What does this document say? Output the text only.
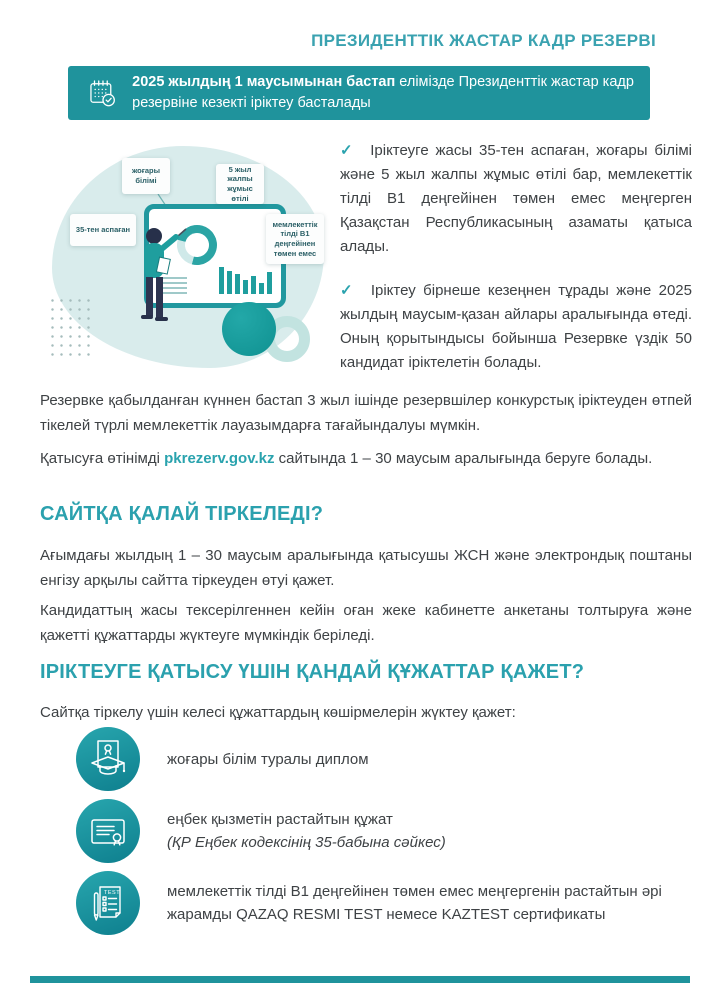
ПРЕЗИДЕНТТІК ЖАСТАР КАДР РЕЗЕРВІ
2025 жылдың 1 маусымынан бастап елімізде Президенттік жастар кадр резервіне кезекті іріктеу басталады
жоғары білімі
5 жыл жалпы жұмыс өтілі
35-тен аспаған
мемлекеттік тілді В1 деңгейінен төмен емес

✓ Іріктеуге жасы 35-тен аспаған, жоғары білімі және 5 жыл жалпы жұмыс өтілі бар, мемлекеттік тілді В1 деңгейінен төмен емес меңгерген Қазақстан Республикасының азаматы қатыса алады.

✓ Іріктеу бірнеше кезеңнен тұрады және 2025 жылдың маусым-қазан айлары аралығында өтеді. Оның қорытындысы бойынша Резервке үздік 50 кандидат іріктелетін болады.

Резервке қабылданған күннен бастап 3 жыл ішінде резервшілер конкурстық іріктеуден өтпей тікелей түрлі мемлекеттік лауазымдарға тағайындалуы мүмкін.

Қатысуға өтінімді pkrezerv.gov.kz сайтында 1 – 30 маусым аралығында беруге болады.

САЙТҚА ҚАЛАЙ ТІРКЕЛЕДІ?

Ағымдағы жылдың 1 – 30 маусым аралығында қатысушы ЖСН және электрондық поштаны енгізу арқылы сайтта тіркеуден өтуі қажет.

Кандидаттың жасы тексерілгеннен кейін оған жеке кабинетте анкетаны толтыруға және қажетті құжаттарды жүктеуге мүмкіндік беріледі.

ІРІКТЕУГЕ ҚАТЫСУ ҮШІН ҚАНДАЙ ҚҰЖАТТАР ҚАЖЕТ?

Сайтқа тіркелу үшін келесі құжаттардың көшірмелерін жүктеу қажет:

жоғары білім туралы диплом
еңбек қызметін растайтын құжат
(ҚР Еңбек кодексінің 35-бабына сәйкес)
TEST	мемлекеттік тілді В1 деңгейінен төмен емес меңгергенін растайтын әрі жарамды QAZAQ RESMI TEST немесе KAZTEST сертификаты
